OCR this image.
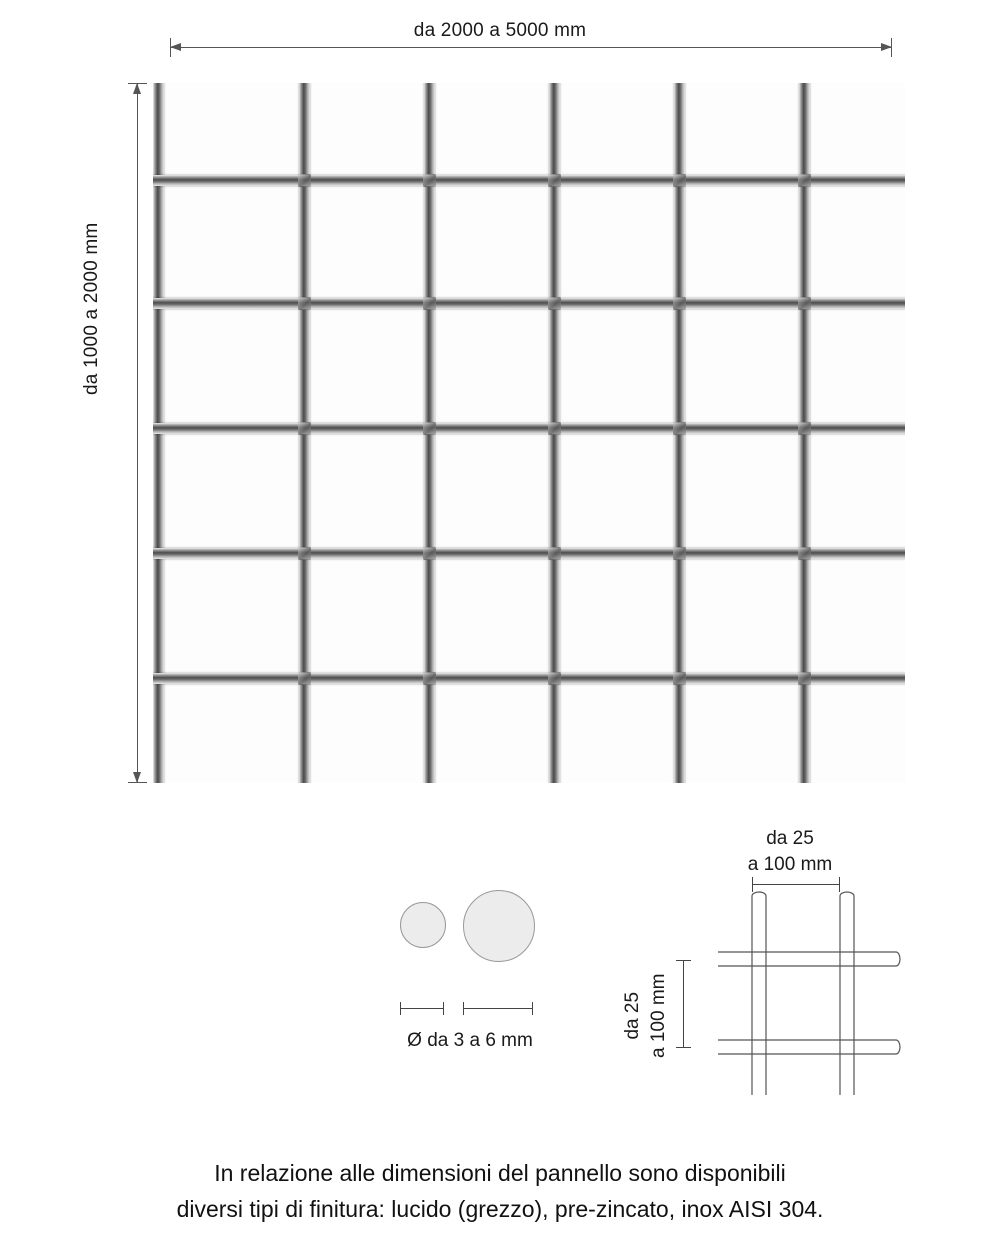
da 2000 a 5000 mm
da 1000 a 2000 mm
Ø da 3 a 6 mm
da 25
a 100 mm
da 25 a 100 mm
In relazione alle dimensioni del pannello sono disponibili
diversi tipi di finitura: lucido (grezzo), pre-zincato, inox AISI 304.
